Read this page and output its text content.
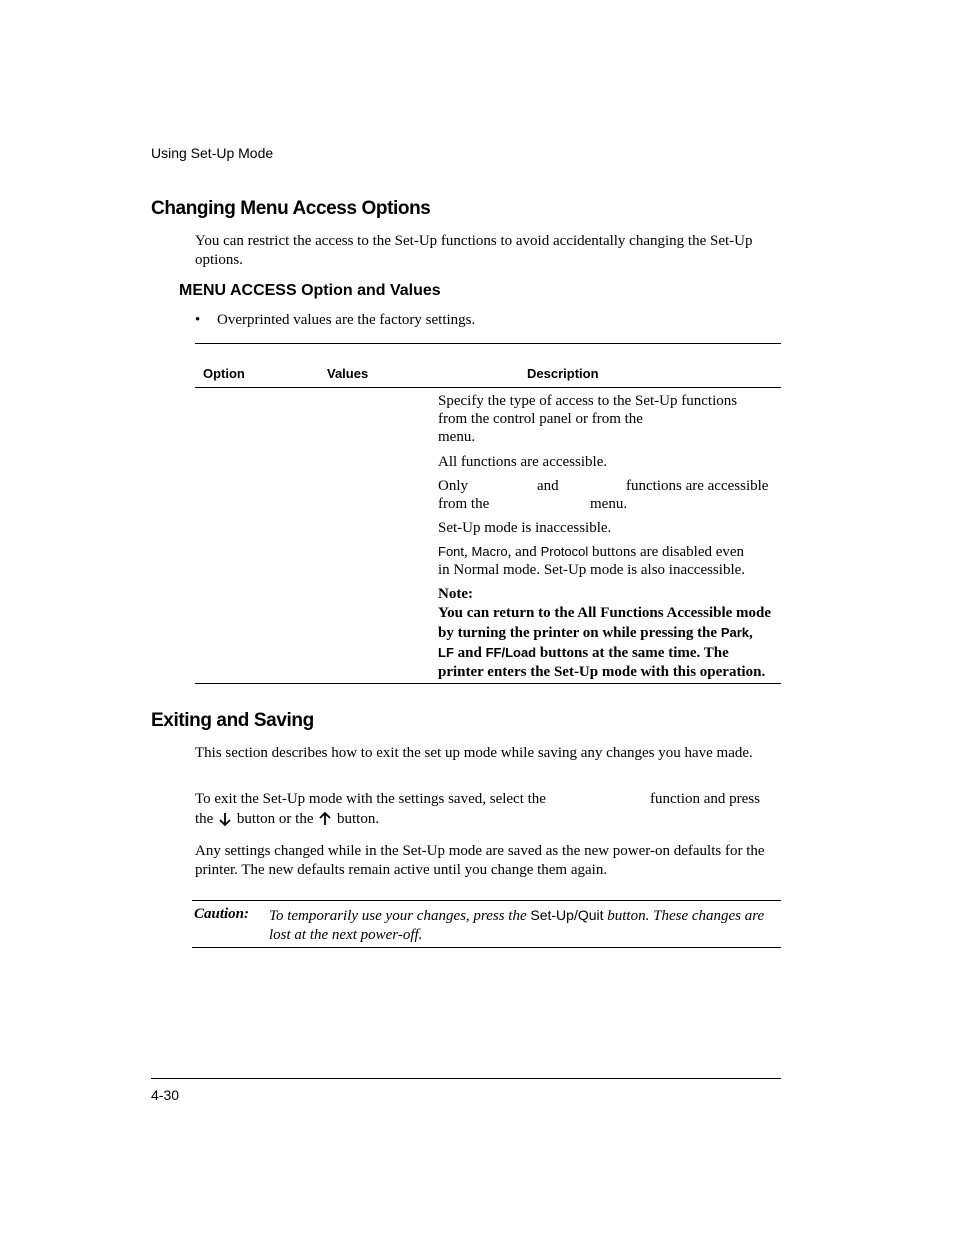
Using Set-Up Mode
Changing Menu Access Options
You can restrict the access to the Set-Up functions to avoid accidentally changing the Set-Up options.
MENU ACCESS Option and Values
• Overprinted values are the factory settings.
Option	Values	Description
Specify the type of access to the Set-Up functions
from the control panel or from the
menu.
All functions are accessible.
Only	and	functions are accessible
from the	menu.
Set-Up mode is inaccessible.
Font, Macro, and Protocol buttons are disabled even
in Normal mode. Set-Up mode is also inaccessible.
Note:
You can return to the All Functions Accessible mode
by turning the printer on while pressing the Park,
LF and FF/Load buttons at the same time. The
printer enters the Set-Up mode with this operation.
Exiting and Saving
This section describes how to exit the set up mode while saving any changes you have made.
To exit the Set-Up mode with the settings saved, select the	function and press
the button or the button.
Any settings changed while in the Set-Up mode are saved as the new power-on defaults for the printer. The new defaults remain active until you change them again.
Caution: To temporarily use your changes, press the Set-Up/Quit button. These changes are lost at the next power-off.
4-30
